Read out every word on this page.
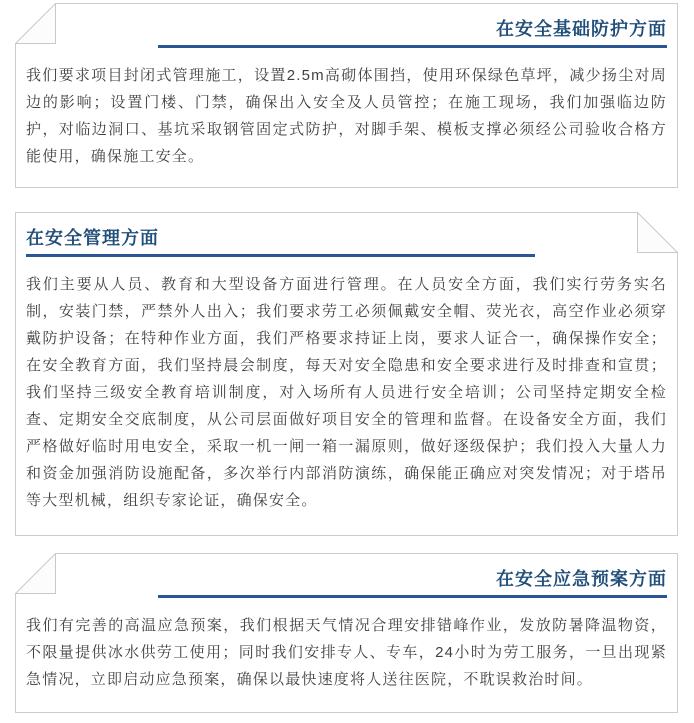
在安全基础防护方面

我们要求项目封闭式管理施工，设置2.5m高砌体围挡，使用环保绿色草坪，减少扬尘对周边的影响；设置门楼、门禁，确保出入安全及人员管控；在施工现场，我们加强临边防护，对临边洞口、基坑采取钢管固定式防护，对脚手架、模板支撑必须经公司验收合格方能使用，确保施工安全。

在安全管理方面

我们主要从人员、教育和大型设备方面进行管理。在人员安全方面，我们实行劳务实名制，安装门禁，严禁外人出入；我们要求劳工必须佩戴安全帽、荧光衣，高空作业必须穿戴防护设备；在特种作业方面，我们严格要求持证上岗，要求人证合一，确保操作安全；在安全教育方面，我们坚持晨会制度，每天对安全隐患和安全要求进行及时排查和宣贯；我们坚持三级安全教育培训制度，对入场所有人员进行安全培训；公司坚持定期安全检查、定期安全交底制度，从公司层面做好项目安全的管理和监督。在设备安全方面，我们严格做好临时用电安全，采取一机一闸一箱一漏原则，做好逐级保护；我们投入大量人力和资金加强消防设施配备，多次举行内部消防演练，确保能正确应对突发情况；对于塔吊等大型机械，组织专家论证，确保安全。

在安全应急预案方面

我们有完善的高温应急预案，我们根据天气情况合理安排错峰作业，发放防暑降温物资，不限量提供冰水供劳工使用；同时我们安排专人、专车，24小时为劳工服务，一旦出现紧急情况，立即启动应急预案，确保以最快速度将人送往医院，不耽误救治时间。
